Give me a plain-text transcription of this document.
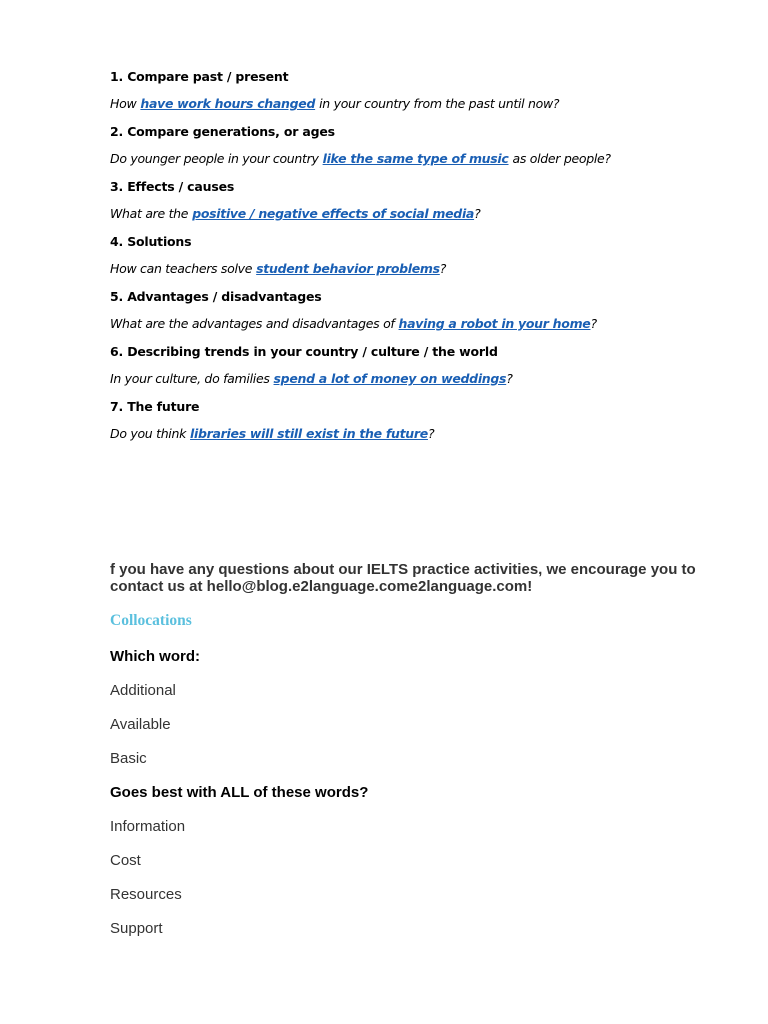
1. Compare past / present
How have work hours changed in your country from the past until now?
2. Compare generations, or ages
Do younger people in your country like the same type of music as older people?
3. Effects / causes
What are the positive / negative effects of social media?
4. Solutions
How can teachers solve student behavior problems?
5. Advantages / disadvantages
What are the advantages and disadvantages of having a robot in your home?
6. Describing trends in your country / culture / the world
In your culture, do families spend a lot of money on weddings?
7. The future
Do you think libraries will still exist in the future?
f you have any questions about our IELTS practice activities, we encourage you to contact us at hello@blog.e2language.come2language.com!
Collocations
Which word:
Additional
Available
Basic
Goes best with ALL of these words?
Information
Cost
Resources
Support
